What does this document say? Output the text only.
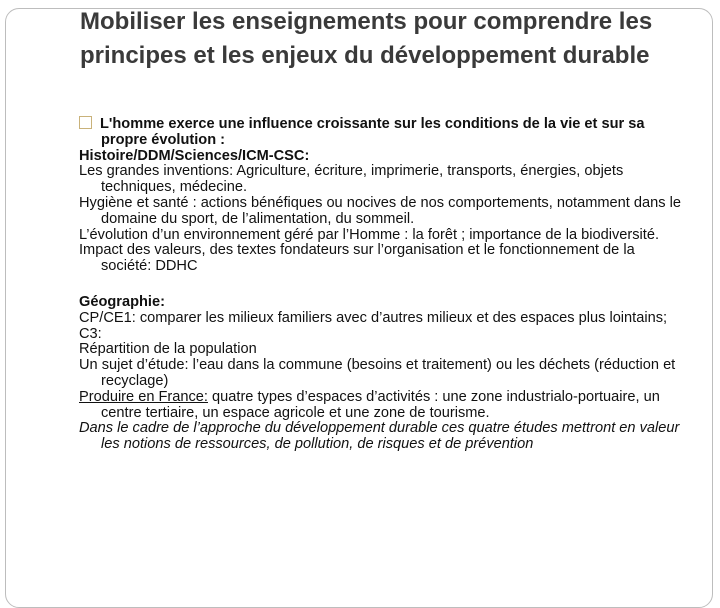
Mobiliser les enseignements pour comprendre les principes et les enjeux du développement durable

L'homme exerce une influence croissante sur les conditions de la vie et sur sa propre évolution :

Histoire/DDM/Sciences/ICM-CSC:

Les grandes inventions: Agriculture, écriture, imprimerie, transports, énergies, objets techniques, médecine.

Hygiène et santé : actions bénéfiques ou nocives de nos comportements, notamment dans le domaine du sport, de l’alimentation, du sommeil.

L’évolution d’un environnement géré par l’Homme : la forêt ; importance de la biodiversité.

Impact des valeurs, des textes fondateurs sur l’organisation et le fonctionnement de la société: DDHC

Géographie:

CP/CE1: comparer les milieux familiers avec d’autres milieux et des espaces plus lointains;

C3:

Répartition de la population

Un sujet d’étude: l’eau dans la commune (besoins et traitement) ou les déchets (réduction et recyclage)

Produire en France: quatre types d’espaces d’activités : une zone industrialo-portuaire, un centre tertiaire, un espace agricole et une zone de tourisme.

Dans le cadre de l’approche du développement durable ces quatre études mettront en valeur les notions de ressources, de pollution, de risques et de prévention
